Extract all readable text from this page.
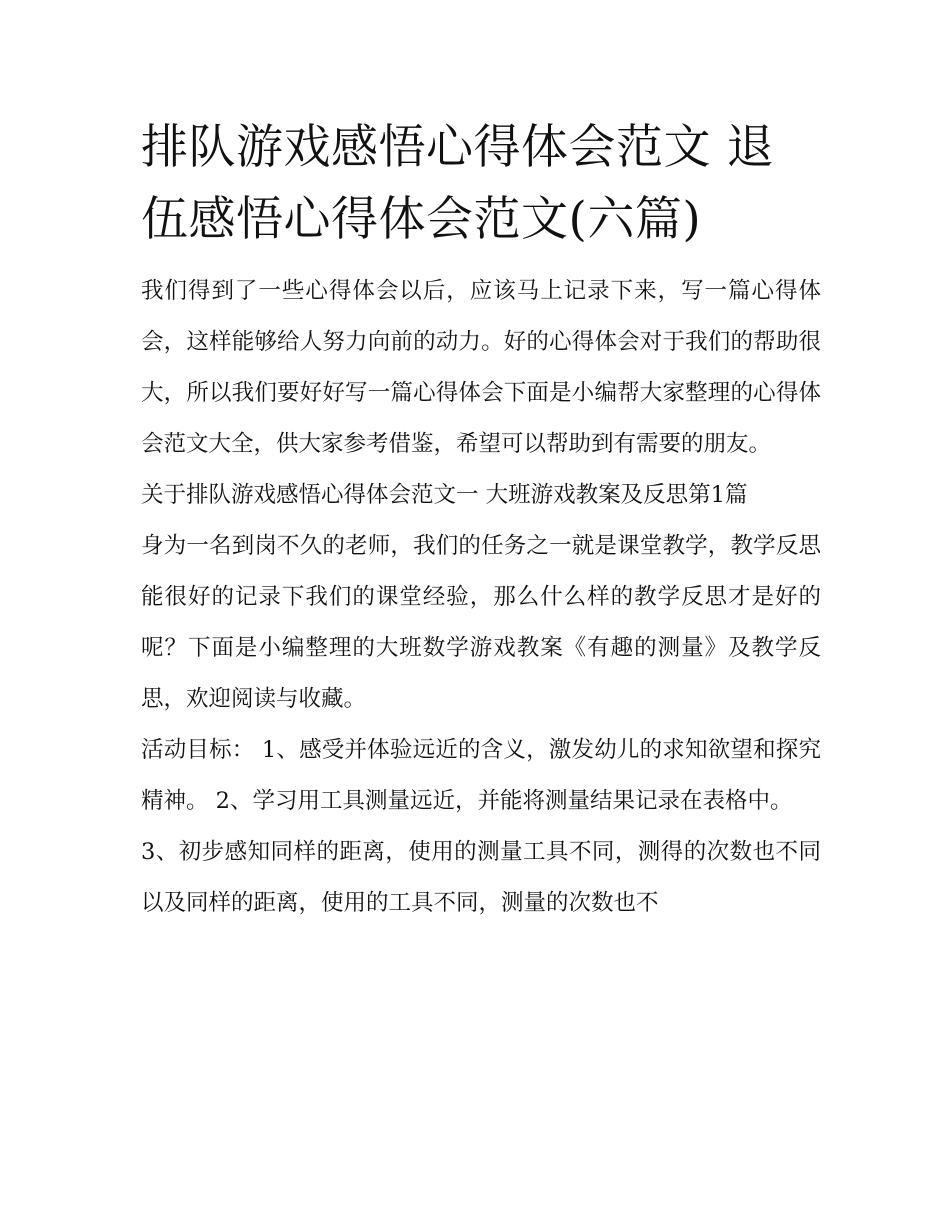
排队游戏感悟心得体会范文 退伍感悟心得体会范文(六篇)

我们得到了一些心得体会以后，应该马上记录下来，写一篇心得体会，这样能够给人努力向前的动力。好的心得体会对于我们的帮助很大，所以我们要好好写一篇心得体会下面是小编帮大家整理的心得体会范文大全，供大家参考借鉴，希望可以帮助到有需要的朋友。

关于排队游戏感悟心得体会范文一 大班游戏教案及反思第1篇

身为一名到岗不久的老师，我们的任务之一就是课堂教学，教学反思能很好的记录下我们的课堂经验，那么什么样的教学反思才是好的呢？下面是小编整理的大班数学游戏教案《有趣的测量》及教学反思，欢迎阅读与收藏。

活动目标： 1、感受并体验远近的含义，激发幼儿的求知欲望和探究精神。 2、学习用工具测量远近，并能将测量结果记录在表格中。

3、初步感知同样的距离，使用的测量工具不同，测得的次数也不同以及同样的距离，使用的工具不同，测量的次数也不
